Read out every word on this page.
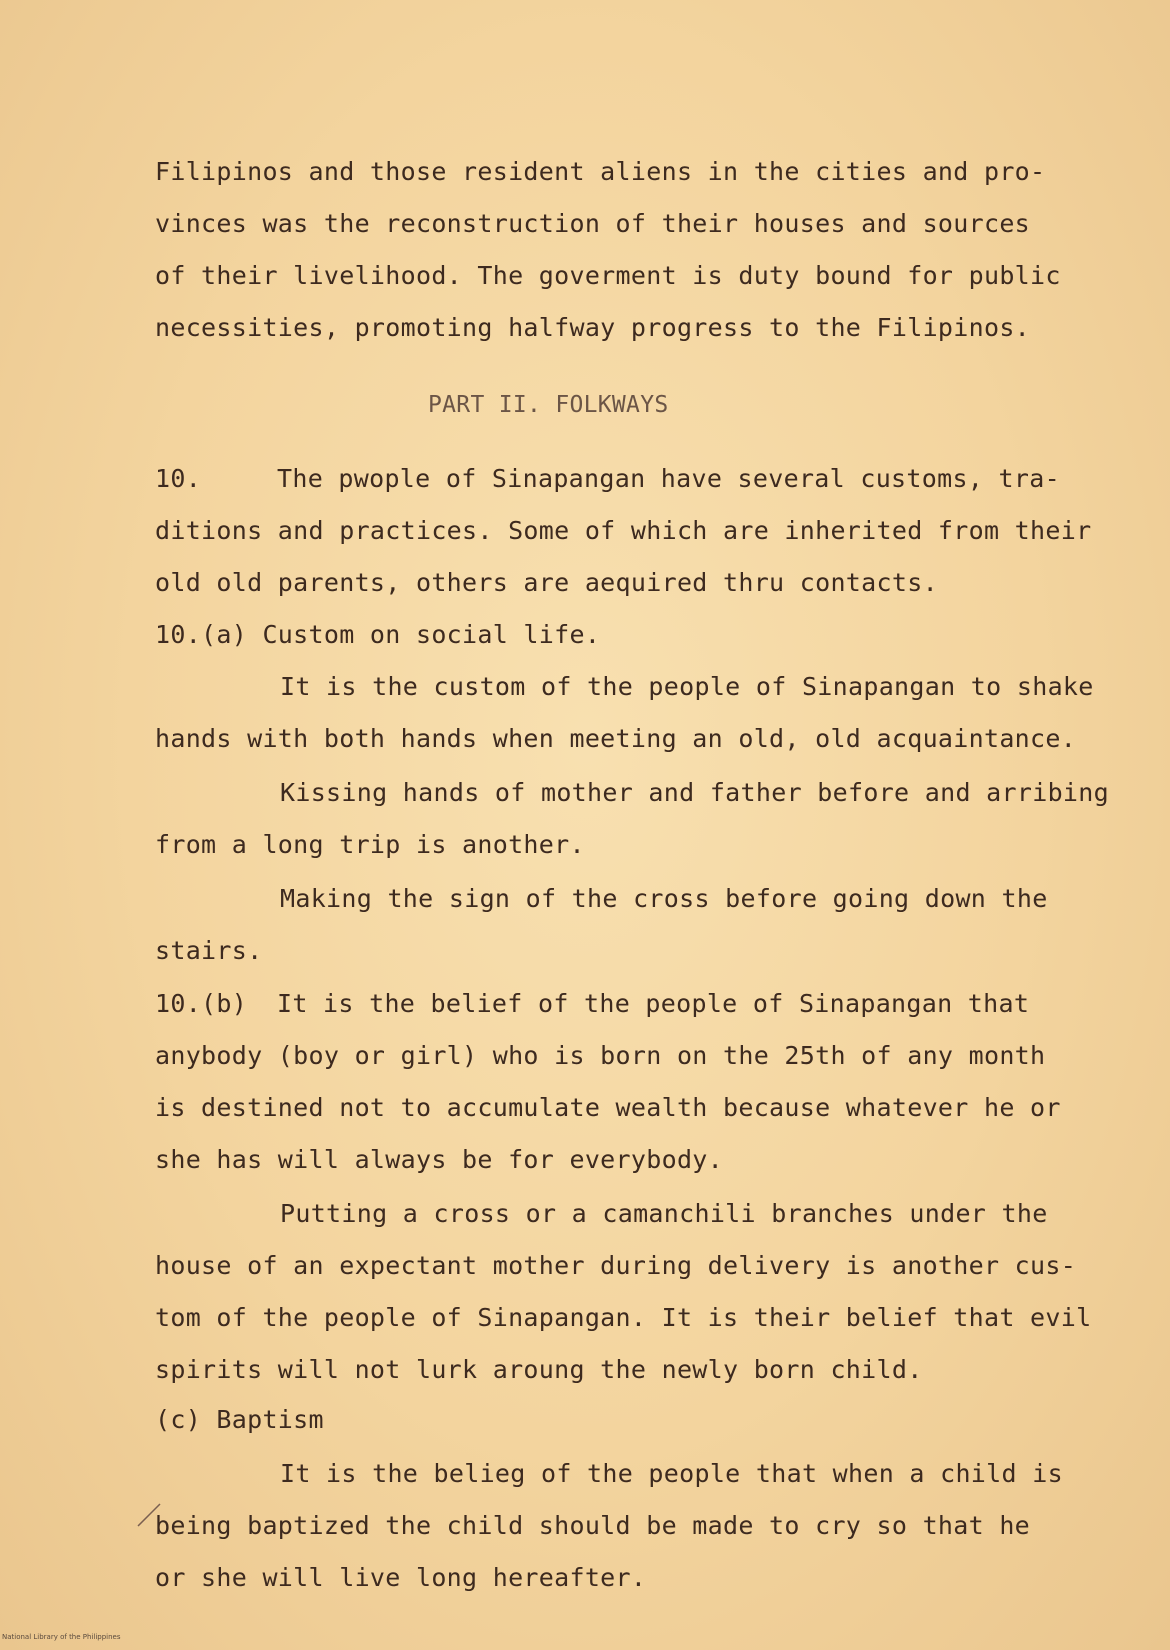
Filipinos and those resident aliens in the cities and pro-

vinces was the reconstruction of their houses and sources

of their livelihood. The goverment is duty bound for public

necessities, promoting halfway progress to the Filipinos.

PART II. FOLKWAYS

10.	The pwople of Sinapangan have several customs, tra-

ditions and practices. Some of which are inherited from their

old old parents, others are aequired thru contacts.

10.(a) Custom on social life.

It is the custom of the people of Sinapangan to shake

hands with both hands when meeting an old, old acquaintance.

Kissing hands of mother and father before and arribing

from a long trip is another.

Making the sign of the cross before going down the

stairs.

10.(b) It is the belief of the people of Sinapangan that

anybody (boy or girl) who is born on the 25th of any month

is destined not to accumulate wealth because whatever he or

she has will always be for everybody.

Putting a cross or a camanchili branches under the

house of an expectant mother during delivery is another cus-

tom of the people of Sinapangan. It is their belief that evil

spirits will not lurk aroung the newly born child.

(c) Baptism

It is the belieg of the people that when a child is

being baptized the child should be made to cry so that he

or she will live long hereafter.

National Library of the Philippines
